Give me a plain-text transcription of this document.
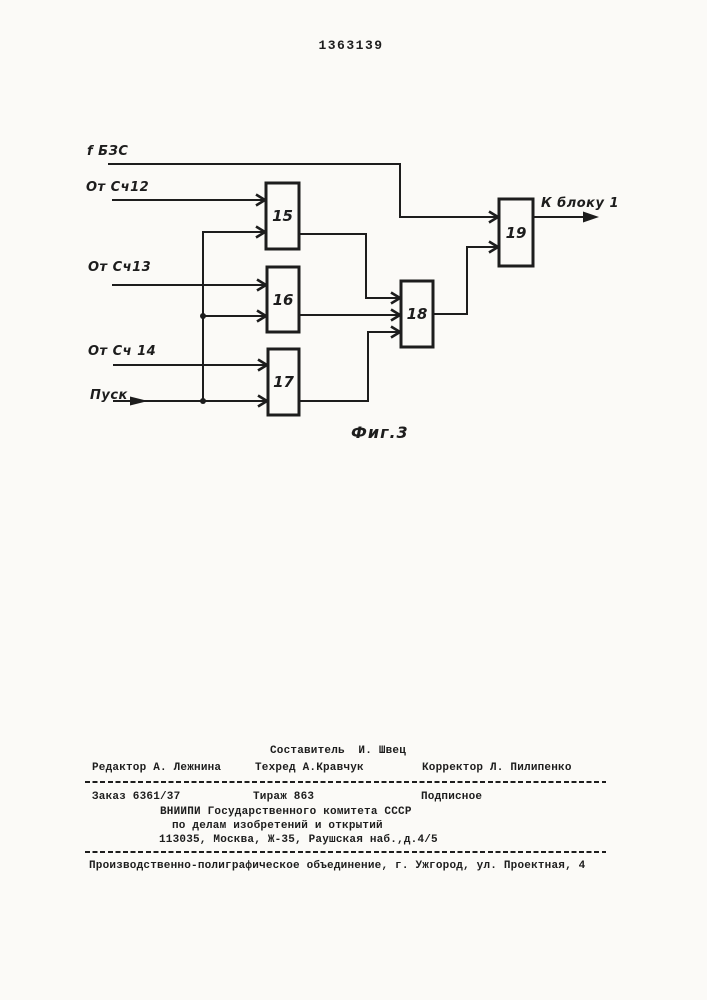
1363139
f БЗС
От Сч12
От Сч13
От Сч 14
Пуск
К блоку 1
15
16
17
18
19
Фиг.3
Составитель  И. Швец
Редактор А. Лежнина	Техред А.Кравчук	Корректор Л. Пилипенко
Заказ 6361/37	Тираж 863	Подписное
ВНИИПИ Государственного комитета СССР
по делам изобретений и открытий
113035, Москва, Ж-35, Раушская наб.,д.4/5
Производственно-полиграфическое объединение, г. Ужгород, ул. Проектная, 4
